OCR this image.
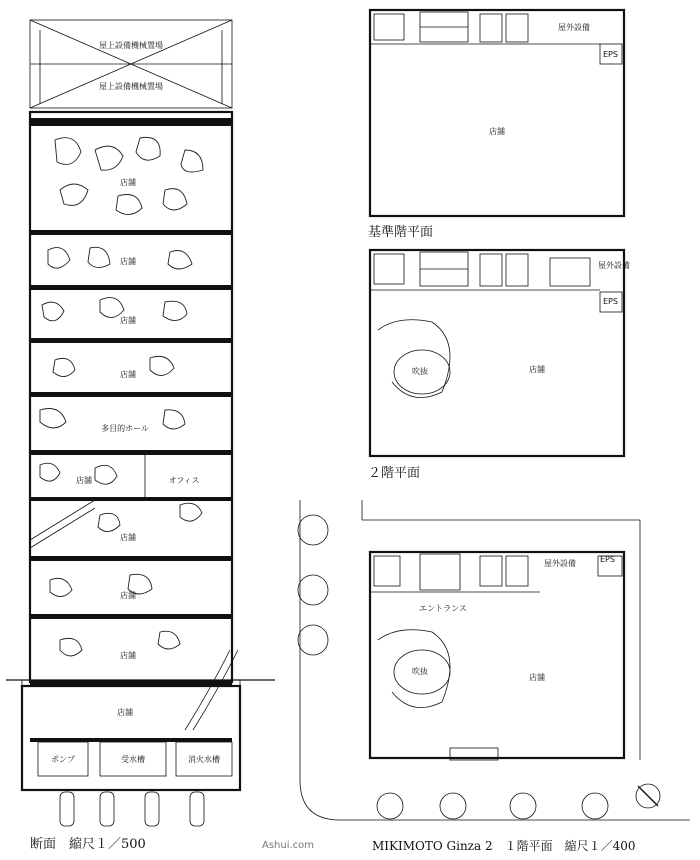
屋上設備機械置場
屋上設備機械置場
店舗
店舗
店舗
店舗
多目的ホール
店舗	オフィス
店舗
店舗
店舗
店舗
ポンプ	受水槽	消火水槽
断面　縮尺１／500
店舗
屋外設備
EPS
基準階平面
吹抜	店舗
屋外設備
EPS
２階平面
吹抜
店舗
エントランス
屋外設備	EPS
MIKIMOTO Ginza 2　１階平面　縮尺１／400
Ashui.com
